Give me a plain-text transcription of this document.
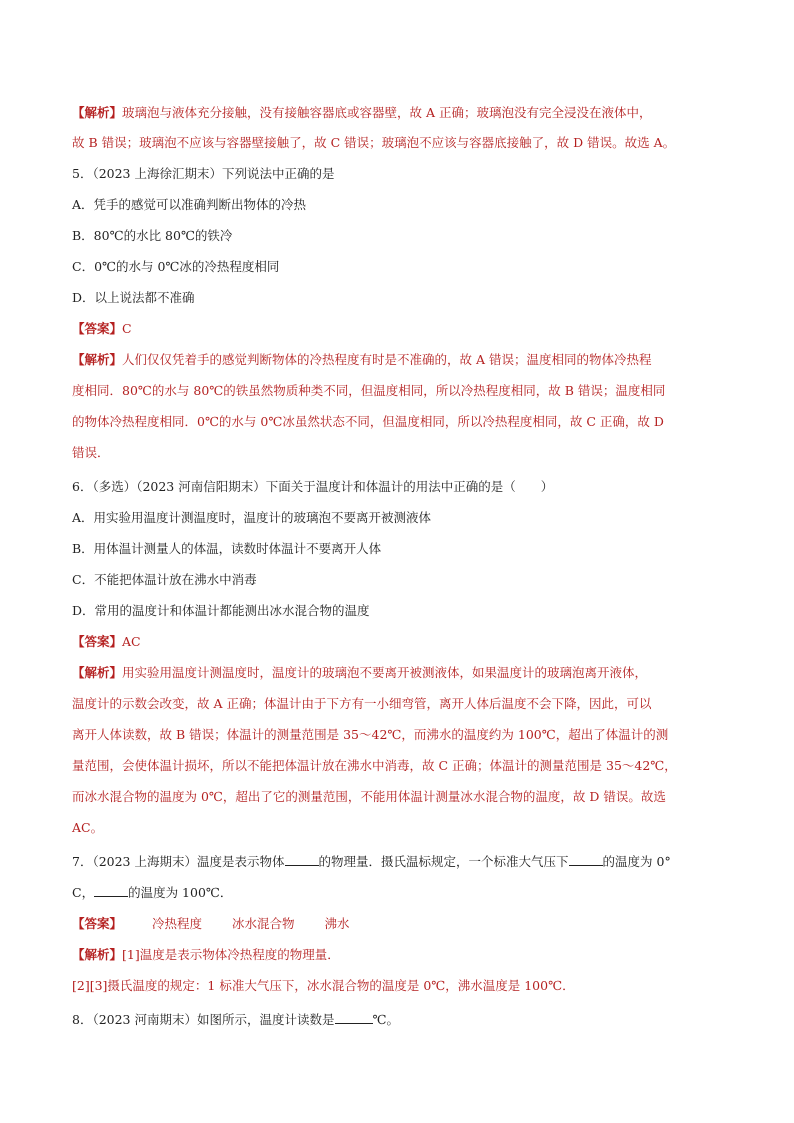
【解析】玻璃泡与液体充分接触，没有接触容器底或容器壁，故 A 正确；玻璃泡没有完全浸没在液体中，
故 B 错误；玻璃泡不应该与容器壁接触了，故 C 错误；玻璃泡不应该与容器底接触了，故 D 错误。故选 A。
5．（2023 上海徐汇期末）下列说法中正确的是
A．凭手的感觉可以准确判断出物体的冷热
B．80℃的水比 80℃的铁冷
C．0℃的水与 0℃冰的冷热程度相同
D．以上说法都不准确
【答案】C
【解析】人们仅仅凭着手的感觉判断物体的冷热程度有时是不准确的，故 A 错误；温度相同的物体冷热程
度相同．80℃的水与 80℃的铁虽然物质种类不同，但温度相同，所以冷热程度相同，故 B 错误；温度相同
的物体冷热程度相同．0℃的水与 0℃冰虽然状态不同，但温度相同，所以冷热程度相同，故 C 正确，故 D
错误．
6．（多选）（2023 河南信阳期末）下面关于温度计和体温计的用法中正确的是（　　）
A．用实验用温度计测温度时，温度计的玻璃泡不要离开被测液体
B．用体温计测量人的体温，读数时体温计不要离开人体
C．不能把体温计放在沸水中消毒
D．常用的温度计和体温计都能测出冰水混合物的温度
【答案】AC
【解析】用实验用温度计测温度时，温度计的玻璃泡不要离开被测液体，如果温度计的玻璃泡离开液体，
温度计的示数会改变，故 A 正确；体温计由于下方有一小细弯管，离开人体后温度不会下降，因此，可以
离开人体读数，故 B 错误；体温计的测量范围是 35～42℃，而沸水的温度约为 100℃，超出了体温计的测
量范围，会使体温计损坏，所以不能把体温计放在沸水中消毒，故 C 正确；体温计的测量范围是 35～42℃，
而冰水混合物的温度为 0℃，超出了它的测量范围，不能用体温计测量冰水混合物的温度，故 D 错误。故选
AC。
7．（2023 上海期末）温度是表示物体	的物理量．摄氏温标规定，一个标准大气压下	的温度为 0°
C，	的温度为 100℃．
【答案】 冷热程度 冰水混合物 沸水
【解析】[1]温度是表示物体冷热程度的物理量．
[2][3]摄氏温度的规定：1 标准大气压下，冰水混合物的温度是 0℃，沸水温度是 100℃．
8．（2023 河南期末）如图所示，温度计读数是	℃。
